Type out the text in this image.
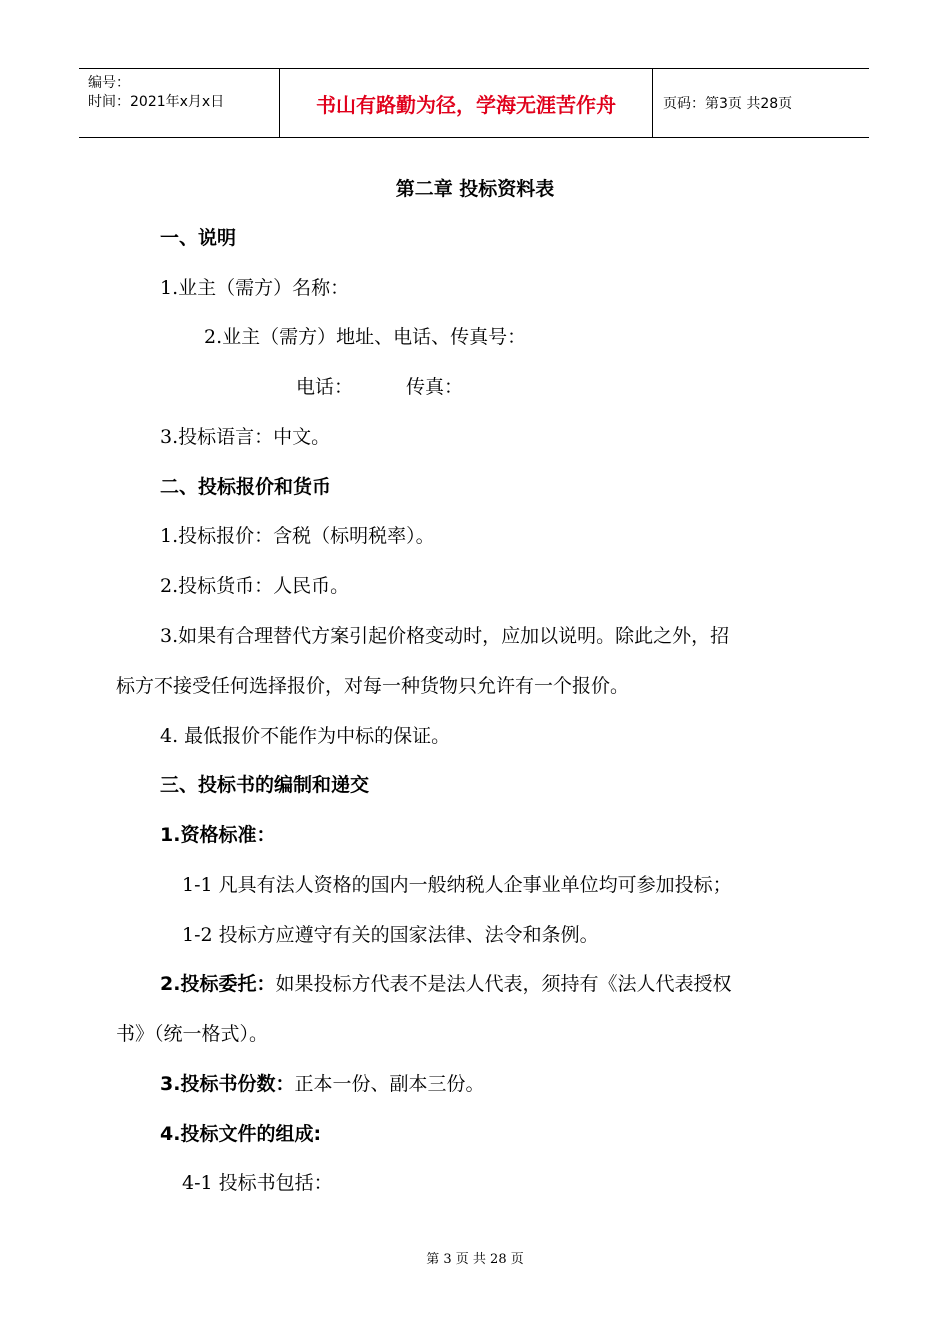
编号：
时间：2021年x月x日	书山有路勤为径，学海无涯苦作舟	页码：第3页 共28页
第二章 投标资料表
一、说明
1.业主（需方）名称：
2.业主（需方）地址、电话、传真号：
电话：	传真：
3.投标语言：中文。
二、投标报价和货币
1.投标报价：含税（标明税率）。
2.投标货币：人民币。
3.如果有合理替代方案引起价格变动时，应加以说明。除此之外，招
标方不接受任何选择报价，对每一种货物只允许有一个报价。
4. 最低报价不能作为中标的保证。
三、投标书的编制和递交
1.资格标准：
1-1 凡具有法人资格的国内一般纳税人企事业单位均可参加投标；
1-2 投标方应遵守有关的国家法律、法令和条例。
2.投标委托：如果投标方代表不是法人代表，须持有《法人代表授权
书》（统一格式）。
3.投标书份数：正本一份、副本三份。
4.投标文件的组成:
4-1 投标书包括：
第 3 页 共 28 页
